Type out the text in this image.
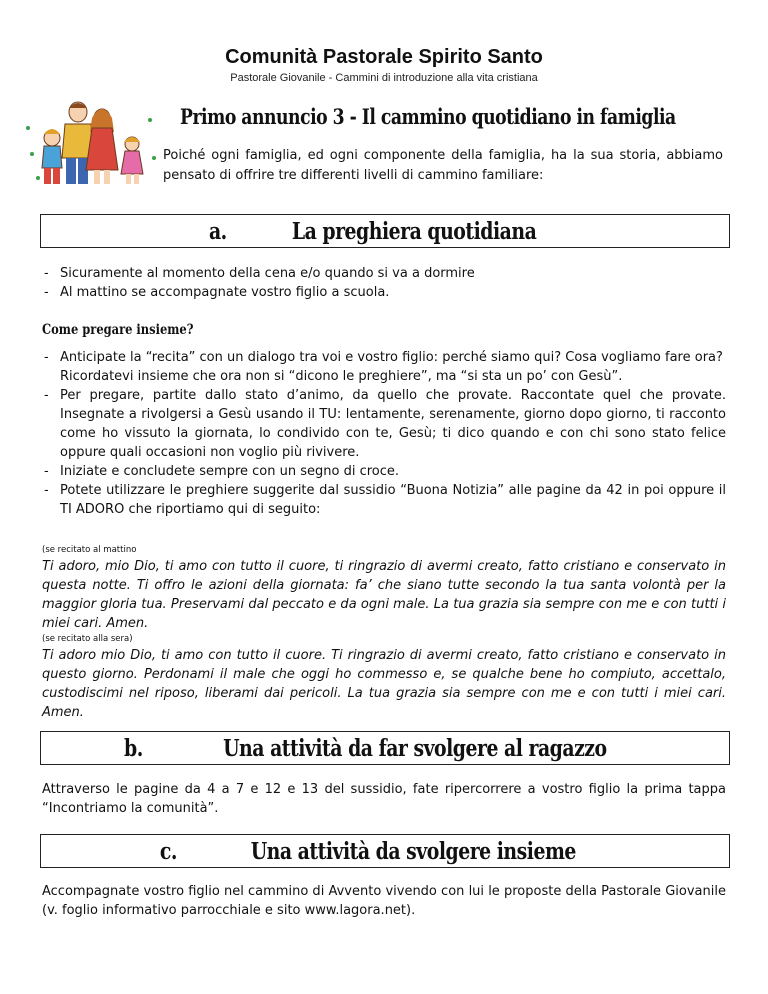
Comunità Pastorale Spirito Santo
Pastorale Giovanile - Cammini di introduzione alla vita cristiana
Primo annuncio 3 - Il cammino quotidiano in famiglia

Poiché ogni famiglia, ed ogni componente della famiglia, ha la sua storia, abbiamo pensato di offrire tre differenti livelli di cammino familiare:

a.	La preghiera quotidiana
- Sicuramente al momento della cena e/o quando si va a dormire
- Al mattino se accompagnate vostro figlio a scuola.
Come pregare insieme?
- Anticipate la “recita” con un dialogo tra voi e vostro figlio: perché siamo qui? Cosa vogliamo fare ora?
Ricordatevi insieme che ora non si “dicono le preghiere”, ma “si sta un po’ con Gesù”.
- Per pregare, partite dallo stato d’animo, da quello che provate. Raccontate quel che provate. Insegnate a rivolgersi a Gesù usando il TU: lentamente, serenamente, giorno dopo giorno, ti racconto come ho vissuto la giornata, lo condivido con te, Gesù; ti dico quando e con chi sono stato felice oppure quali occasioni non voglio più rivivere.
- Iniziate e concludete sempre con un segno di croce.
- Potete utilizzare le preghiere suggerite dal sussidio “Buona Notizia” alle pagine da 42 in poi oppure il TI ADORO che riportiamo qui di seguito:
(se recitato al mattino

Ti adoro, mio Dio, ti amo con tutto il cuore, ti ringrazio di avermi creato, fatto cristiano e conservato in questa notte. Ti offro le azioni della giornata: fa’ che siano tutte secondo la tua santa volontà per la maggior gloria tua. Preservami dal peccato e da ogni male. La tua grazia sia sempre con me e con tutti i miei cari. Amen.

(se recitato alla sera)

Ti adoro mio Dio, ti amo con tutto il cuore. Ti ringrazio di avermi creato, fatto cristiano e conservato in questo giorno. Perdonami il male che oggi ho commesso e, se qualche bene ho compiuto, accettalo, custodiscimi nel riposo, liberami dai pericoli. La tua grazia sia sempre con me e con tutti i miei cari. Amen.

b.	Una attività da far svolgere al ragazzo

Attraverso le pagine da 4 a 7 e 12 e 13 del sussidio, fate ripercorrere a vostro figlio la prima tappa “Incontriamo la comunità”.

c.	Una attività da svolgere insieme

Accompagnate vostro figlio nel cammino di Avvento vivendo con lui le proposte della Pastorale Giovanile (v. foglio informativo parrocchiale e sito www.lagora.net).
